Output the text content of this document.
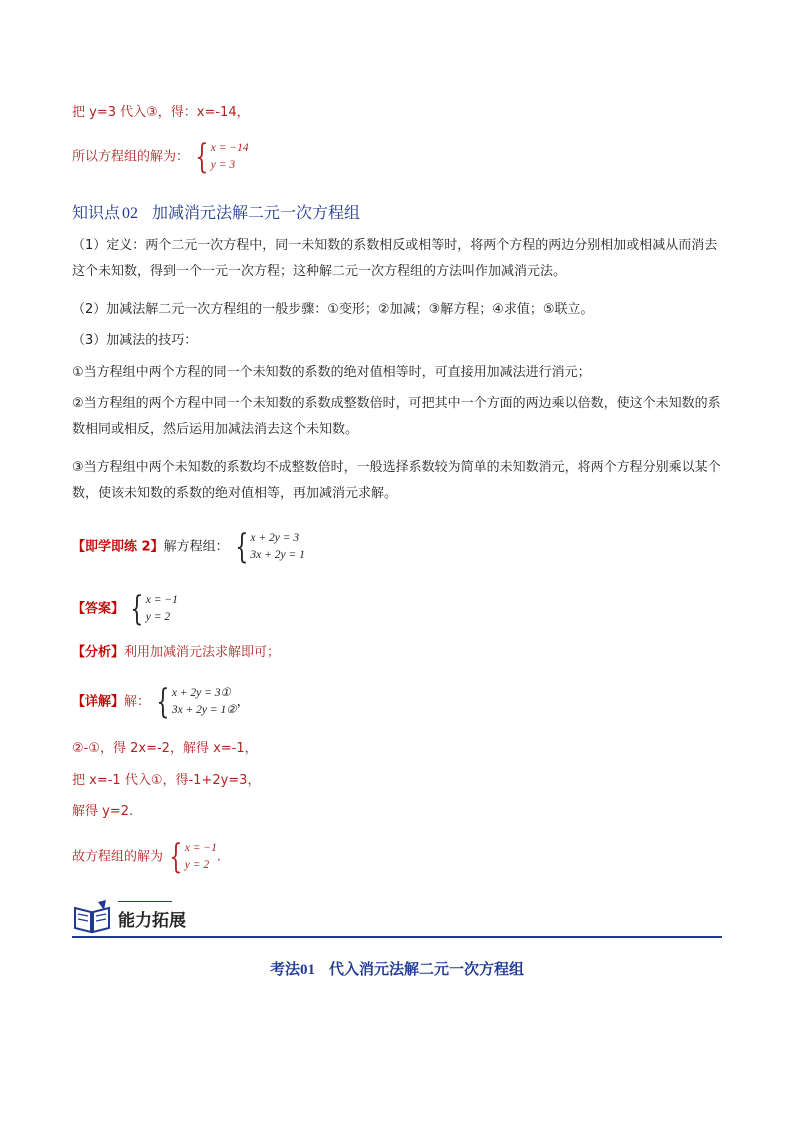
把 y=3 代入③，得：x=-14，
所以方程组的解为： { x = −14
y = 3
知识点 02 加减消元法解二元一次方程组
（1）定义：两个二元一次方程中，同一未知数的系数相反或相等时，将两个方程的两边分别相加或相减从而消去这个未知数，得到一个一元一次方程；这种解二元一次方程组的方法叫作加减消元法。
（2）加减法解二元一次方程组的一般步骤：①变形；②加减；③解方程；④求值；⑤联立。
（3）加减法的技巧：
①当方程组中两个方程的同一个未知数的系数的绝对值相等时，可直接用加减法进行消元；
②当方程组的两个方程中同一个未知数的系数成整数倍时，可把其中一个方面的两边乘以倍数，使这个未知数的系数相同或相反，然后运用加减法消去这个未知数。
③当方程组中两个未知数的系数均不成整数倍时，一般选择系数较为简单的未知数消元，将两个方程分别乘以某个数，使该未知数的系数的绝对值相等，再加减消元求解。
【即学即练 2】解方程组： { x + 2y = 3
3x + 2y = 1
【答案】 { x = −1
y = 2
【分析】利用加减消元法求解即可；
【详解】解： { x + 2y = 3①
3x + 2y = 1②
，
②-①，得 2x=-2，解得 x=-1，
把 x=-1 代入①，得-1+2y=3，
解得 y=2.
故方程组的解为 { x = −1
y = 2
.
能力拓展
考法01 代入消元法解二元一次方程组
